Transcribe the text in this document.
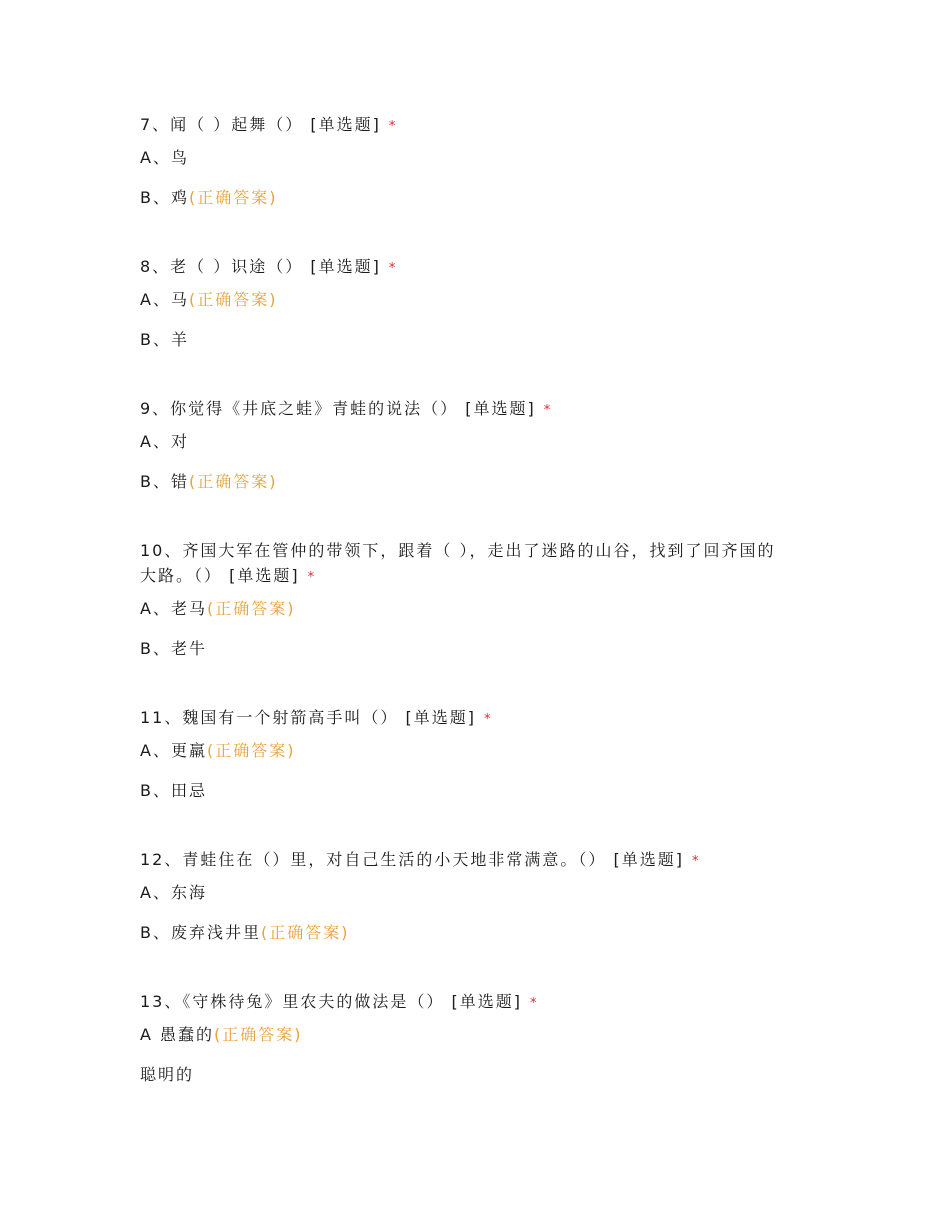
7、闻（ ）起舞（） [单选题] *
A、鸟
B、鸡(正确答案)
8、老（ ）识途（） [单选题] *
A、马(正确答案)
B、羊
9、你觉得《井底之蛙》青蛙的说法（） [单选题] *
A、对
B、错(正确答案)
10、齐国大军在管仲的带领下，跟着（ ），走出了迷路的山谷，找到了回齐国的
大路。（） [单选题] *
A、老马(正确答案)
B、老牛
11、魏国有一个射箭高手叫（） [单选题] *
A、更羸(正确答案)
B、田忌
12、青蛙住在（）里，对自己生活的小天地非常满意。（） [单选题] *
A、东海
B、废弃浅井里(正确答案)
13、《守株待兔》里农夫的做法是（） [单选题] *
A 愚蠢的(正确答案)
聪明的
